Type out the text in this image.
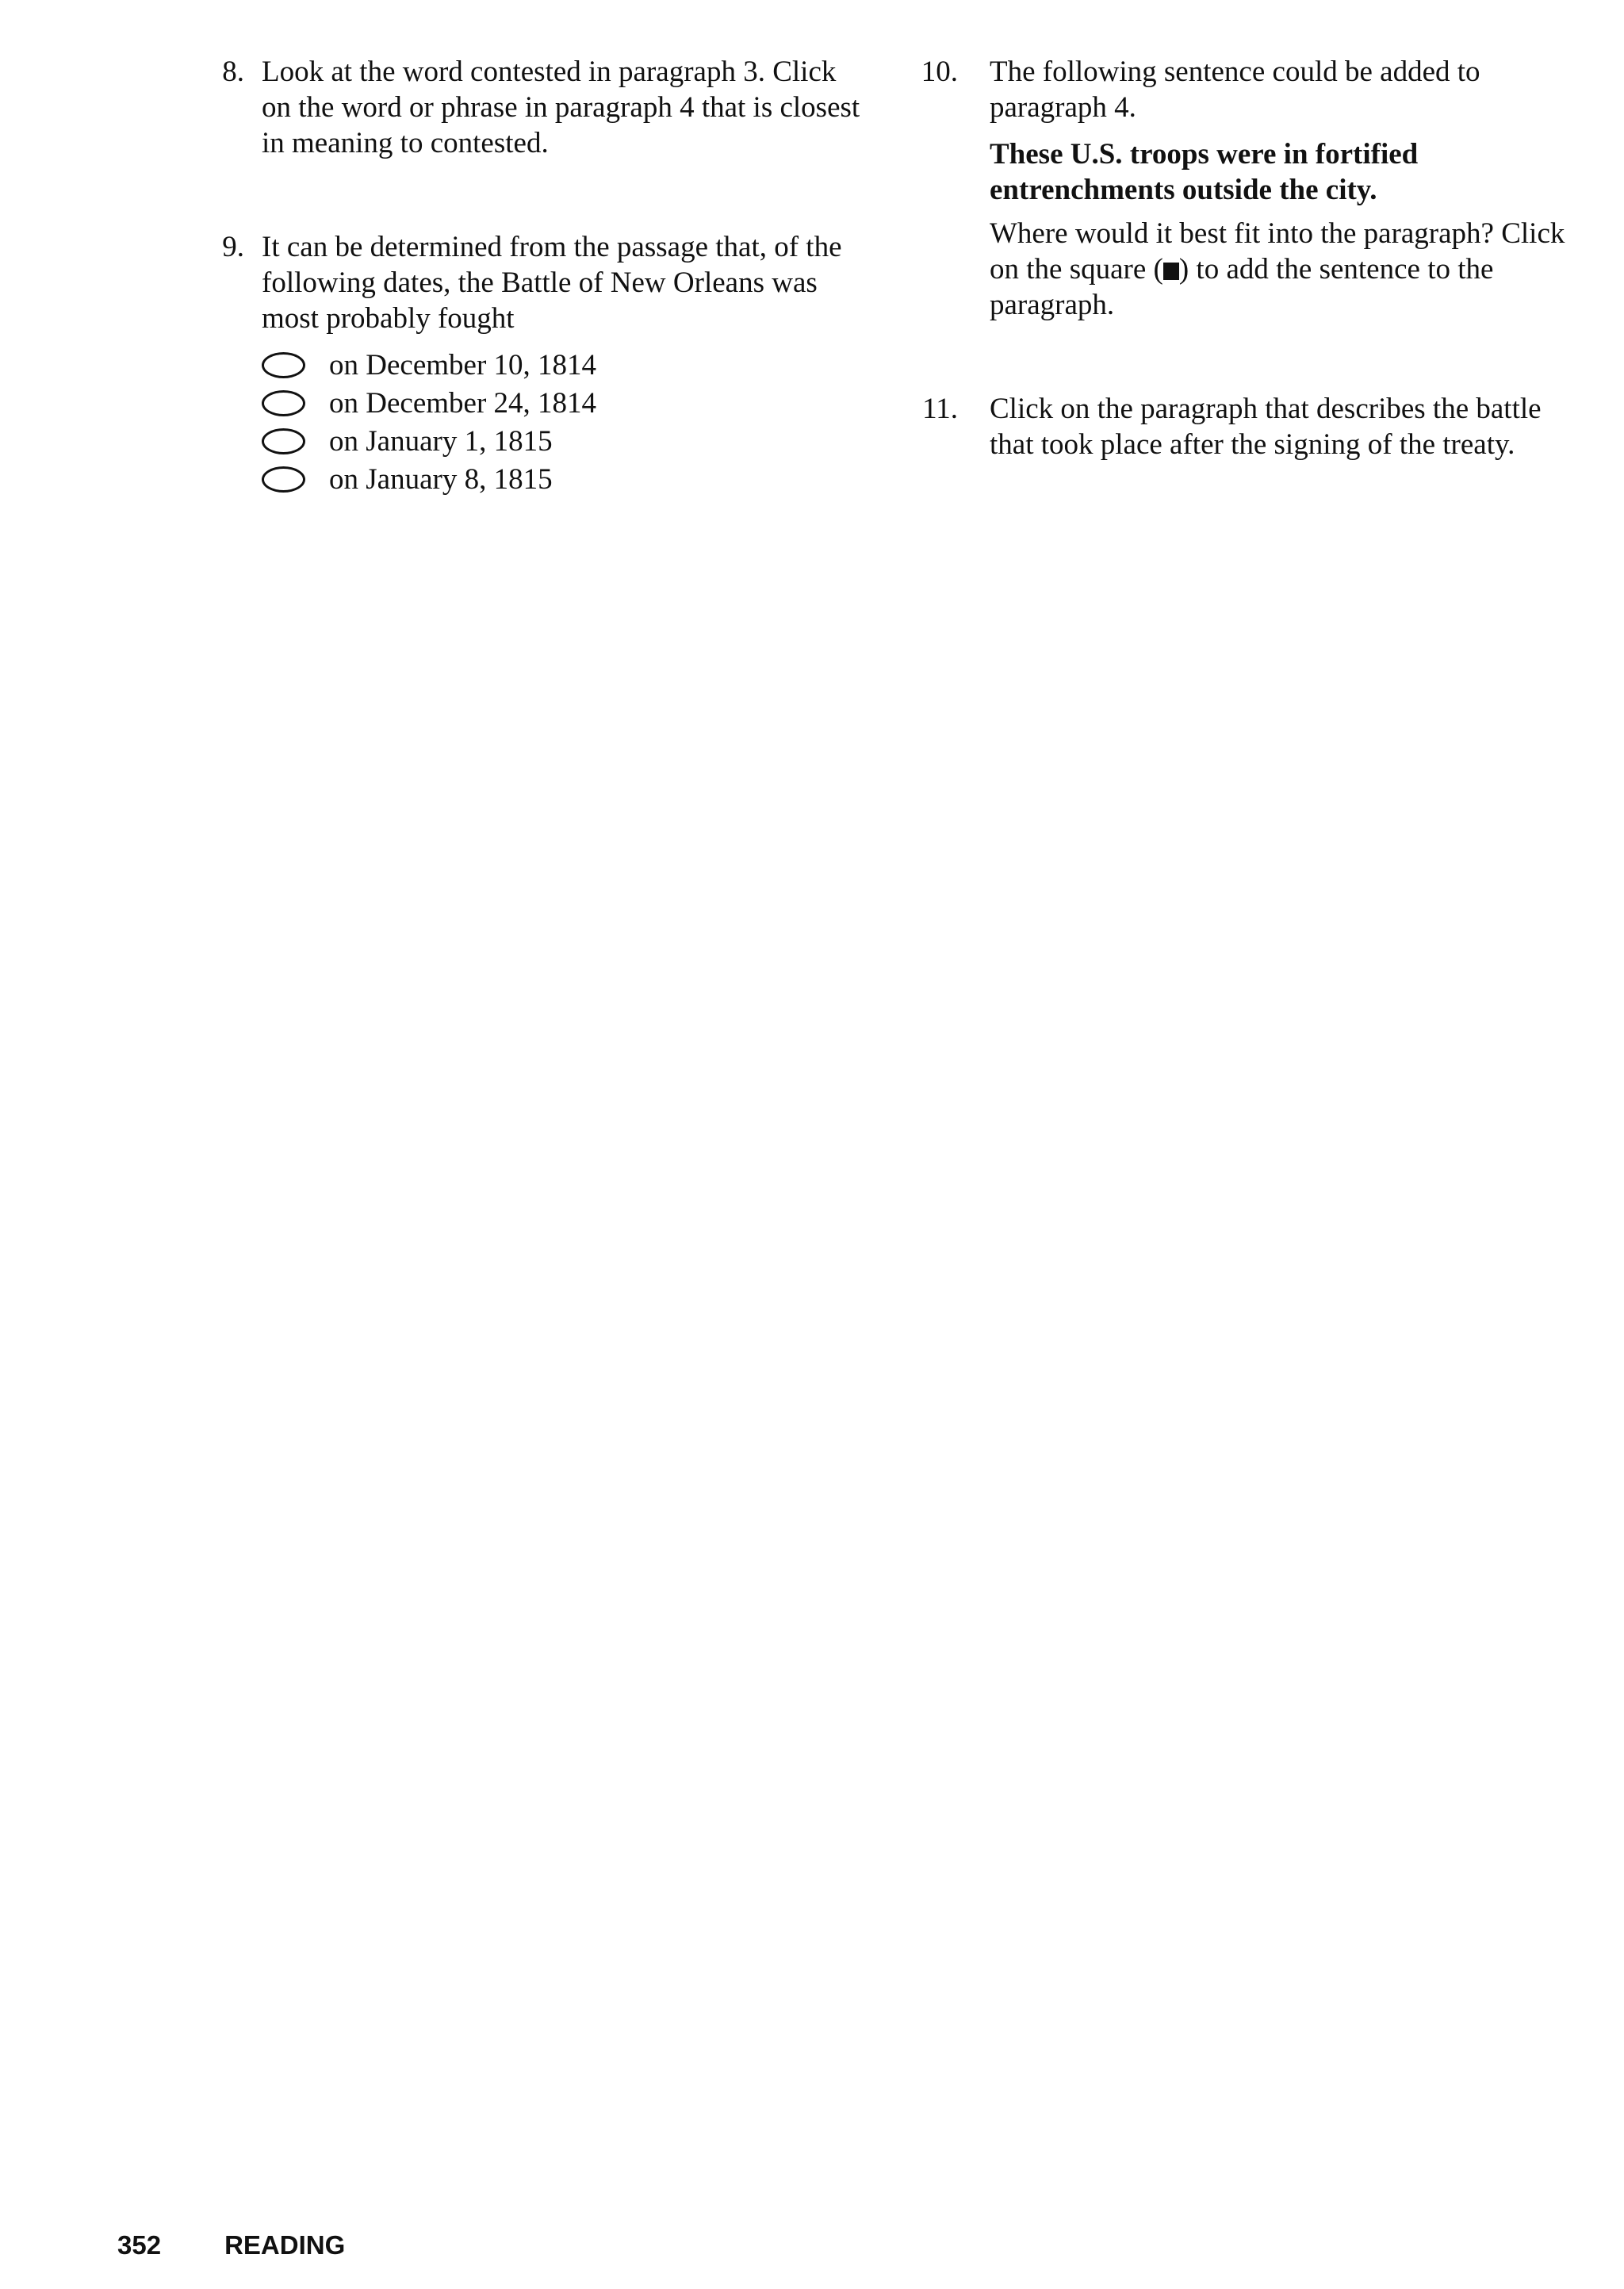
8. Look at the word contested in paragraph 3. Click on the word or phrase in paragraph 4 that is closest in meaning to contested.

9. It can be determined from the passage that, of the following dates, the Battle of New Orleans was most probably fought

on December 10, 1814
on December 24, 1814
on January 1, 1815
on January 8, 1815
10. The following sentence could be added to paragraph 4.

These U.S. troops were in fortified entrenchments outside the city.

Where would it best fit into the paragraph? Click on the square ( ) to add the sentence to the paragraph.

11. Click on the paragraph that describes the battle that took place after the signing of the treaty.

352 READING
